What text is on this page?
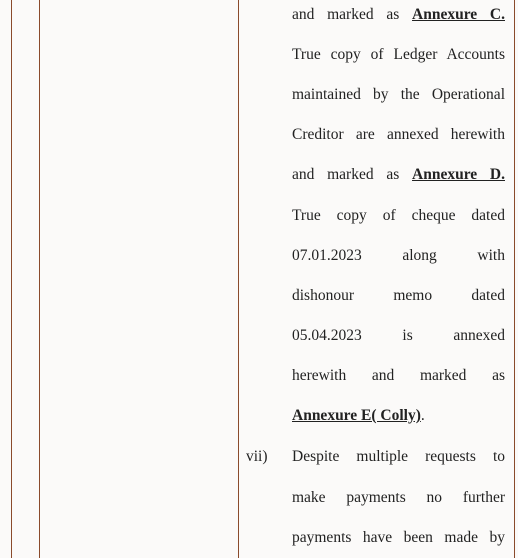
and marked as Annexure C.
True copy of Ledger Accounts
maintained by the Operational
Creditor are annexed herewith
and marked as Annexure D.
True copy of cheque dated
07.01.2023 along with
dishonour memo dated
05.04.2023 is annexed
herewith and marked as
Annexure E( Colly).
vii) Despite multiple requests to
make payments no further
payments have been made by
